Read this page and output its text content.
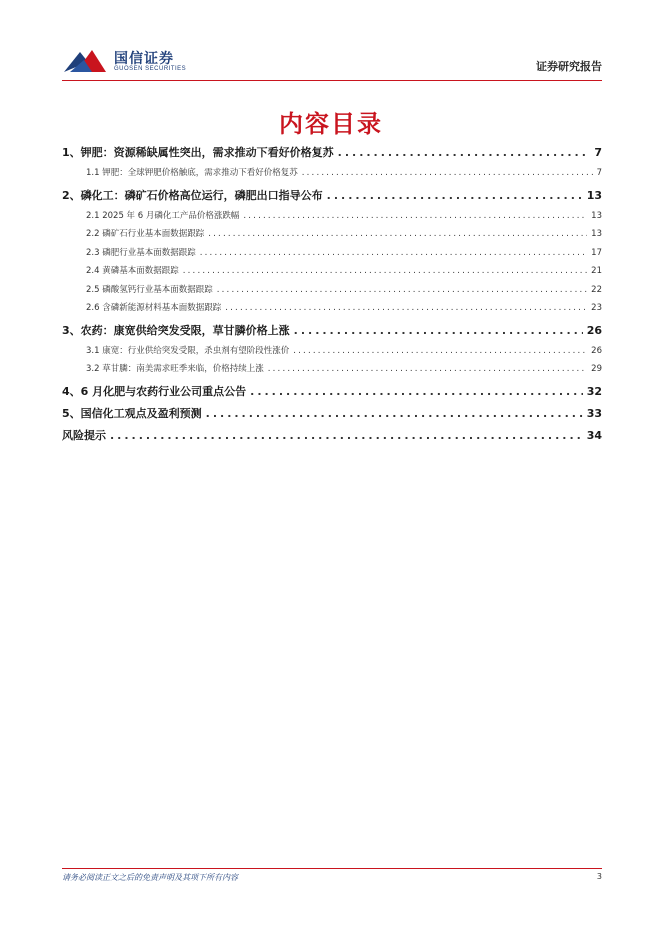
国信证券
GUOSEN SECURITIES	证券研究报告
内容目录
1、钾肥：资源稀缺属性突出，需求推动下看好价格复苏 .....	7
1.1 钾肥：全球钾肥价格触底，需求推动下看好价格复苏 .....	7
2、磷化工：磷矿石价格高位运行，磷肥出口指导公布 .....	13
2.1 2025 年 6 月磷化工产品价格涨跌幅 .....	13
2.2 磷矿石行业基本面数据跟踪 .....	13
2.3 磷肥行业基本面数据跟踪 .....	17
2.4 黄磷基本面数据跟踪 .....	21
2.5 磷酸氢钙行业基本面数据跟踪 .....	22
2.6 含磷新能源材料基本面数据跟踪 .....	23
3、农药：康宽供给突发受限，草甘膦价格上涨 .....	26
3.1 康宽：行业供给突发受限，杀虫剂有望阶段性涨价 .....	26
3.2 草甘膦：南美需求旺季来临，价格持续上涨 .....	29
4、6 月化肥与农药行业公司重点公告 .....	32
5、国信化工观点及盈利预测 .....	33
风险提示 .....	34
请务必阅读正文之后的免责声明及其项下所有内容	3
